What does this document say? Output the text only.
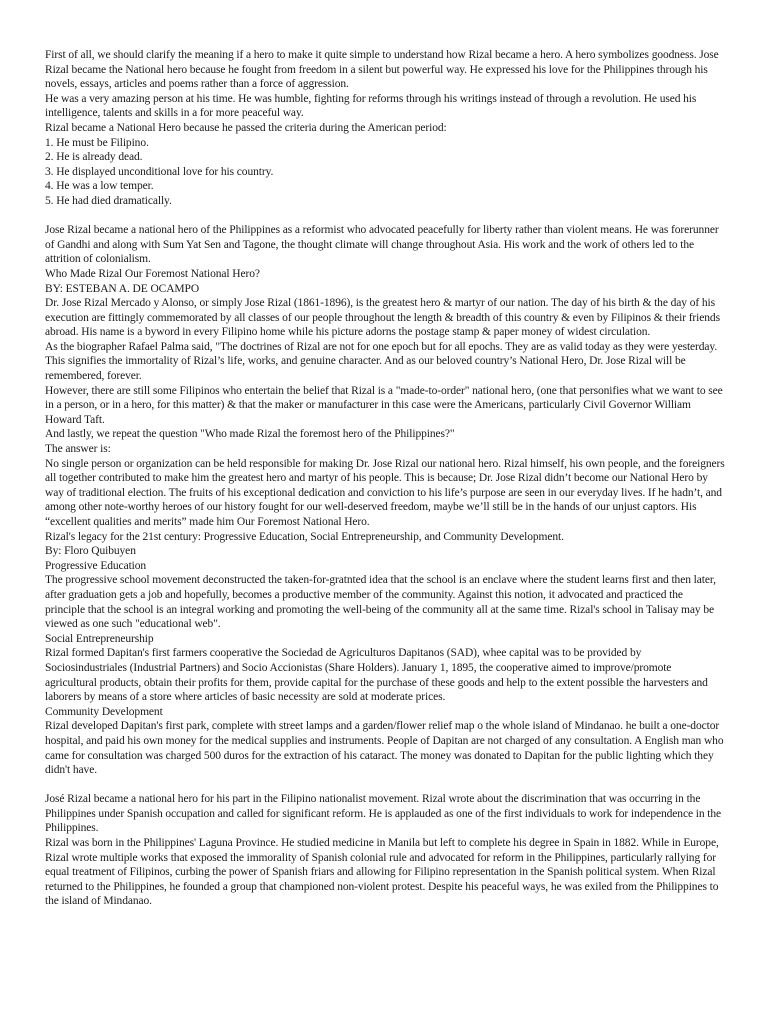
First of all, we should clarify the meaning if a hero to make it quite simple to understand how Rizal became a hero. A hero symbolizes goodness. Jose Rizal became the National hero because he fought from freedom in a silent but powerful way. He expressed his love for the Philippines through his novels, essays, articles and poems rather than a force of aggression.

He was a very amazing person at his time. He was humble, fighting for reforms through his writings instead of through a revolution. He used his intelligence, talents and skills in a for more peaceful way.

Rizal became a National Hero because he passed the criteria during the American period:

1. He must be Filipino.

2. He is already dead.

3. He displayed unconditional love for his country.

4. He was a low temper.

5. He had died dramatically.

Jose Rizal became a national hero of the Philippines as a reformist who advocated peacefully for liberty rather than violent means. He was forerunner of Gandhi and along with Sum Yat Sen and Tagone, the thought climate will change throughout Asia. His work and the work of others led to the attrition of colonialism.

Who Made Rizal Our Foremost National Hero?

BY: ESTEBAN A. DE OCAMPO

Dr. Jose Rizal Mercado y Alonso, or simply Jose Rizal (1861-1896), is the greatest hero & martyr of our nation. The day of his birth & the day of his execution are fittingly commemorated by all classes of our people throughout the length & breadth of this country & even by Filipinos & their friends abroad. His name is a byword in every Filipino home while his picture adorns the postage stamp & paper money of widest circulation.

As the biographer Rafael Palma said, "The doctrines of Rizal are not for one epoch but for all epochs. They are as valid today as they were yesterday. This signifies the immortality of Rizal’s life, works, and genuine character. And as our beloved country’s National Hero, Dr. Jose Rizal will be remembered, forever.

However, there are still some Filipinos who entertain the belief that Rizal is a "made-to-order" national hero, (one that personifies what we want to see in a person, or in a hero, for this matter) & that the maker or manufacturer in this case were the Americans, particularly Civil Governor William Howard Taft.

And lastly, we repeat the question "Who made Rizal the foremost hero of the Philippines?"

The answer is:

No single person or organization can be held responsible for making Dr. Jose Rizal our national hero. Rizal himself, his own people, and the foreigners all together contributed to make him the greatest hero and martyr of his people. This is because; Dr. Jose Rizal didn’t become our National Hero by way of traditional election. The fruits of his exceptional dedication and conviction to his life’s purpose are seen in our everyday lives. If he hadn’t, and among other note-worthy heroes of our history fought for our well-deserved freedom, maybe we’ll still be in the hands of our unjust captors. His “excellent qualities and merits” made him Our Foremost National Hero.

Rizal's legacy for the 21st century: Progressive Education, Social Entrepreneurship, and Community Development.

By: Floro Quibuyen

Progressive Education

The progressive school movement deconstructed the taken-for-gratnted idea that the school is an enclave where the student learns first and then later, after graduation gets a job and hopefully, becomes a productive member of the community. Against this notion, it advocated and practiced the principle that the school is an integral working and promoting the well-being of the community all at the same time. Rizal's school in Talisay may be viewed as one such "educational web".

Social Entrepreneurship

Rizal formed Dapitan's first farmers cooperative the Sociedad de Agriculturos Dapitanos (SAD), whee capital was to be provided by Sociosindustriales (Industrial Partners) and Socio Accionistas (Share Holders). January 1, 1895, the cooperative aimed to improve/promote agricultural products, obtain their profits for them, provide capital for the purchase of these goods and help to the extent possible the harvesters and laborers by means of a store where articles of basic necessity are sold at moderate prices.

Community Development

Rizal developed Dapitan's first park, complete with street lamps and a garden/flower relief map o the whole island of Mindanao. he built a one-doctor hospital, and paid his own money for the medical supplies and instruments. People of Dapitan are not charged of any consultation. A English man who came for consultation was charged 500 duros for the extraction of his cataract. The money was donated to Dapitan for the public lighting which they didn't have.

José Rizal became a national hero for his part in the Filipino nationalist movement. Rizal wrote about the discrimination that was occurring in the Philippines under Spanish occupation and called for significant reform. He is applauded as one of the first individuals to work for independence in the Philippines.

Rizal was born in the Philippines' Laguna Province. He studied medicine in Manila but left to complete his degree in Spain in 1882. While in Europe, Rizal wrote multiple works that exposed the immorality of Spanish colonial rule and advocated for reform in the Philippines, particularly rallying for equal treatment of Filipinos, curbing the power of Spanish friars and allowing for Filipino representation in the Spanish political system. When Rizal returned to the Philippines, he founded a group that championed non-violent protest. Despite his peaceful ways, he was exiled from the Philippines to the island of Mindanao.
